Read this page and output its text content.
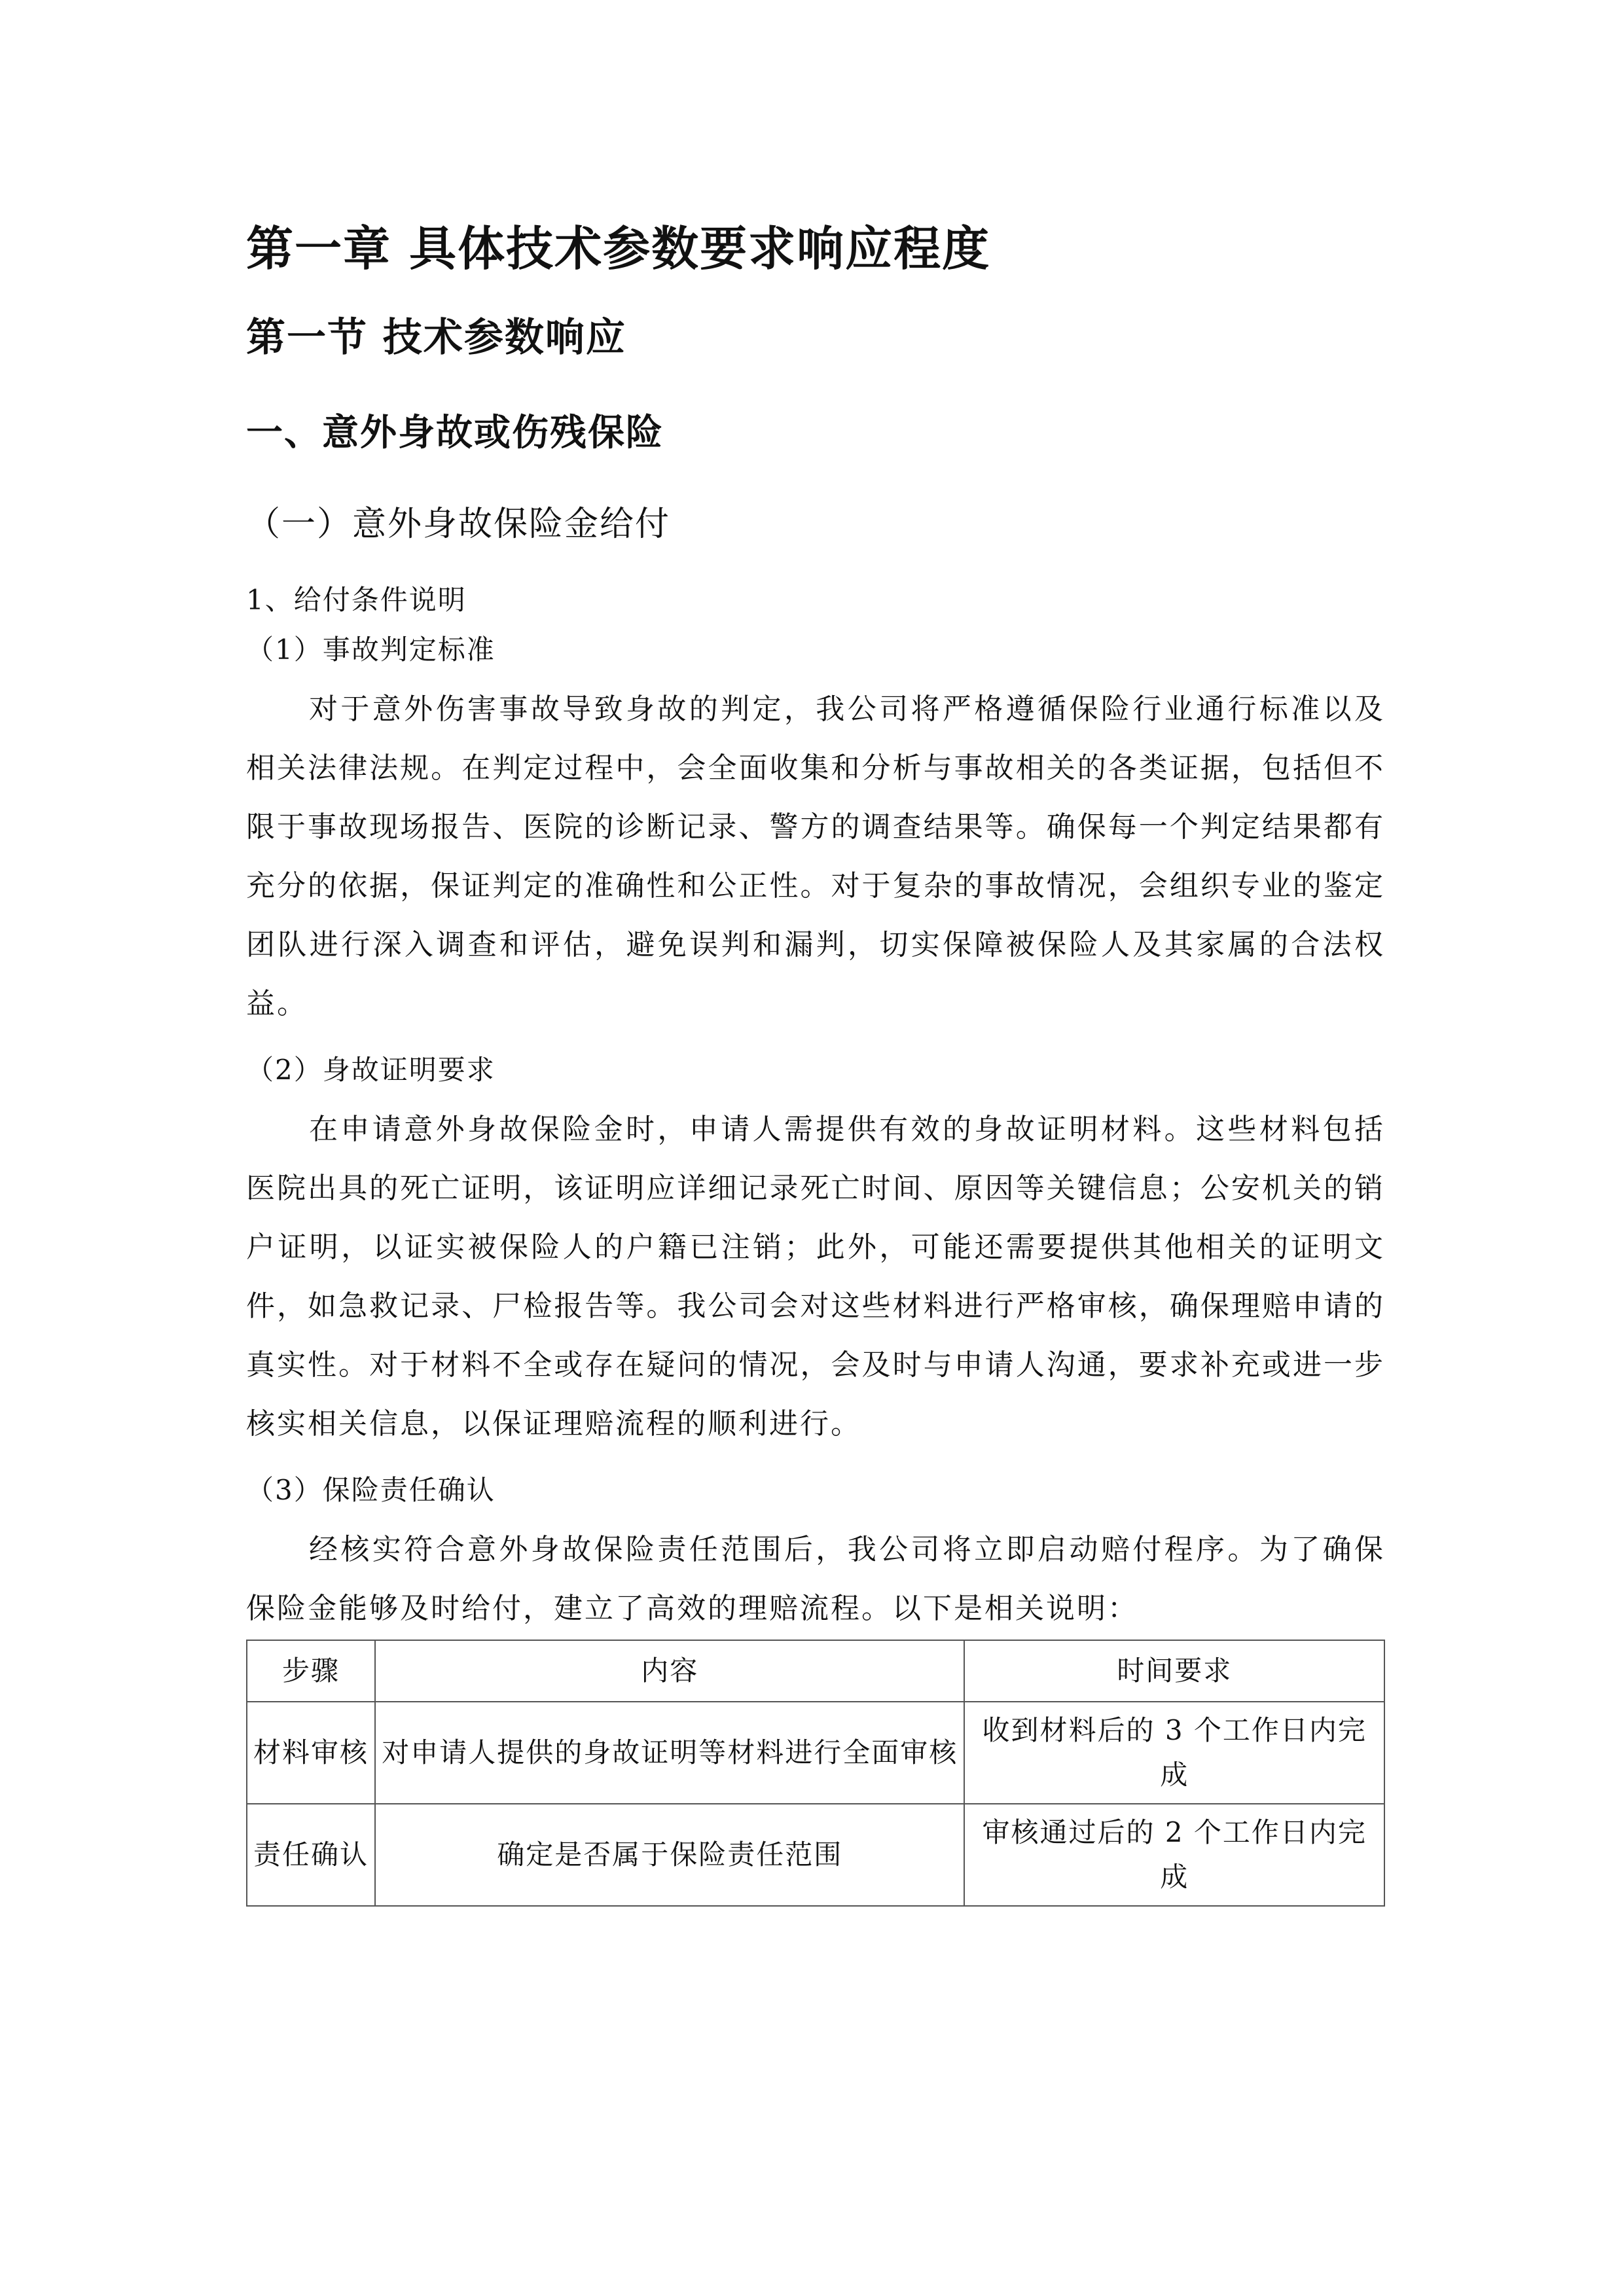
第一章 具体技术参数要求响应程度
第一节 技术参数响应
一、意外身故或伤残保险
（一）意外身故保险金给付
1、给付条件说明
（1）事故判定标准

对于意外伤害事故导致身故的判定，我公司将严格遵循保险行业通行标准以及相关法律法规。在判定过程中，会全面收集和分析与事故相关的各类证据，包括但不限于事故现场报告、医院的诊断记录、警方的调查结果等。确保每一个判定结果都有充分的依据，保证判定的准确性和公正性。对于复杂的事故情况，会组织专业的鉴定团队进行深入调查和评估，避免误判和漏判，切实保障被保险人及其家属的合法权益。

（2）身故证明要求

在申请意外身故保险金时，申请人需提供有效的身故证明材料。这些材料包括医院出具的死亡证明，该证明应详细记录死亡时间、原因等关键信息；公安机关的销户证明，以证实被保险人的户籍已注销；此外，可能还需要提供其他相关的证明文件，如急救记录、尸检报告等。我公司会对这些材料进行严格审核，确保理赔申请的真实性。对于材料不全或存在疑问的情况，会及时与申请人沟通，要求补充或进一步核实相关信息，以保证理赔流程的顺利进行。

（3）保险责任确认

经核实符合意外身故保险责任范围后，我公司将立即启动赔付程序。为了确保保险金能够及时给付，建立了高效的理赔流程。以下是相关说明：

步骤	内容	时间要求
材料审核	对申请人提供的身故证明等材料进行全面审核	收到材料后的 3 个工作日内完成
责任确认	确定是否属于保险责任范围	审核通过后的 2 个工作日内完成
